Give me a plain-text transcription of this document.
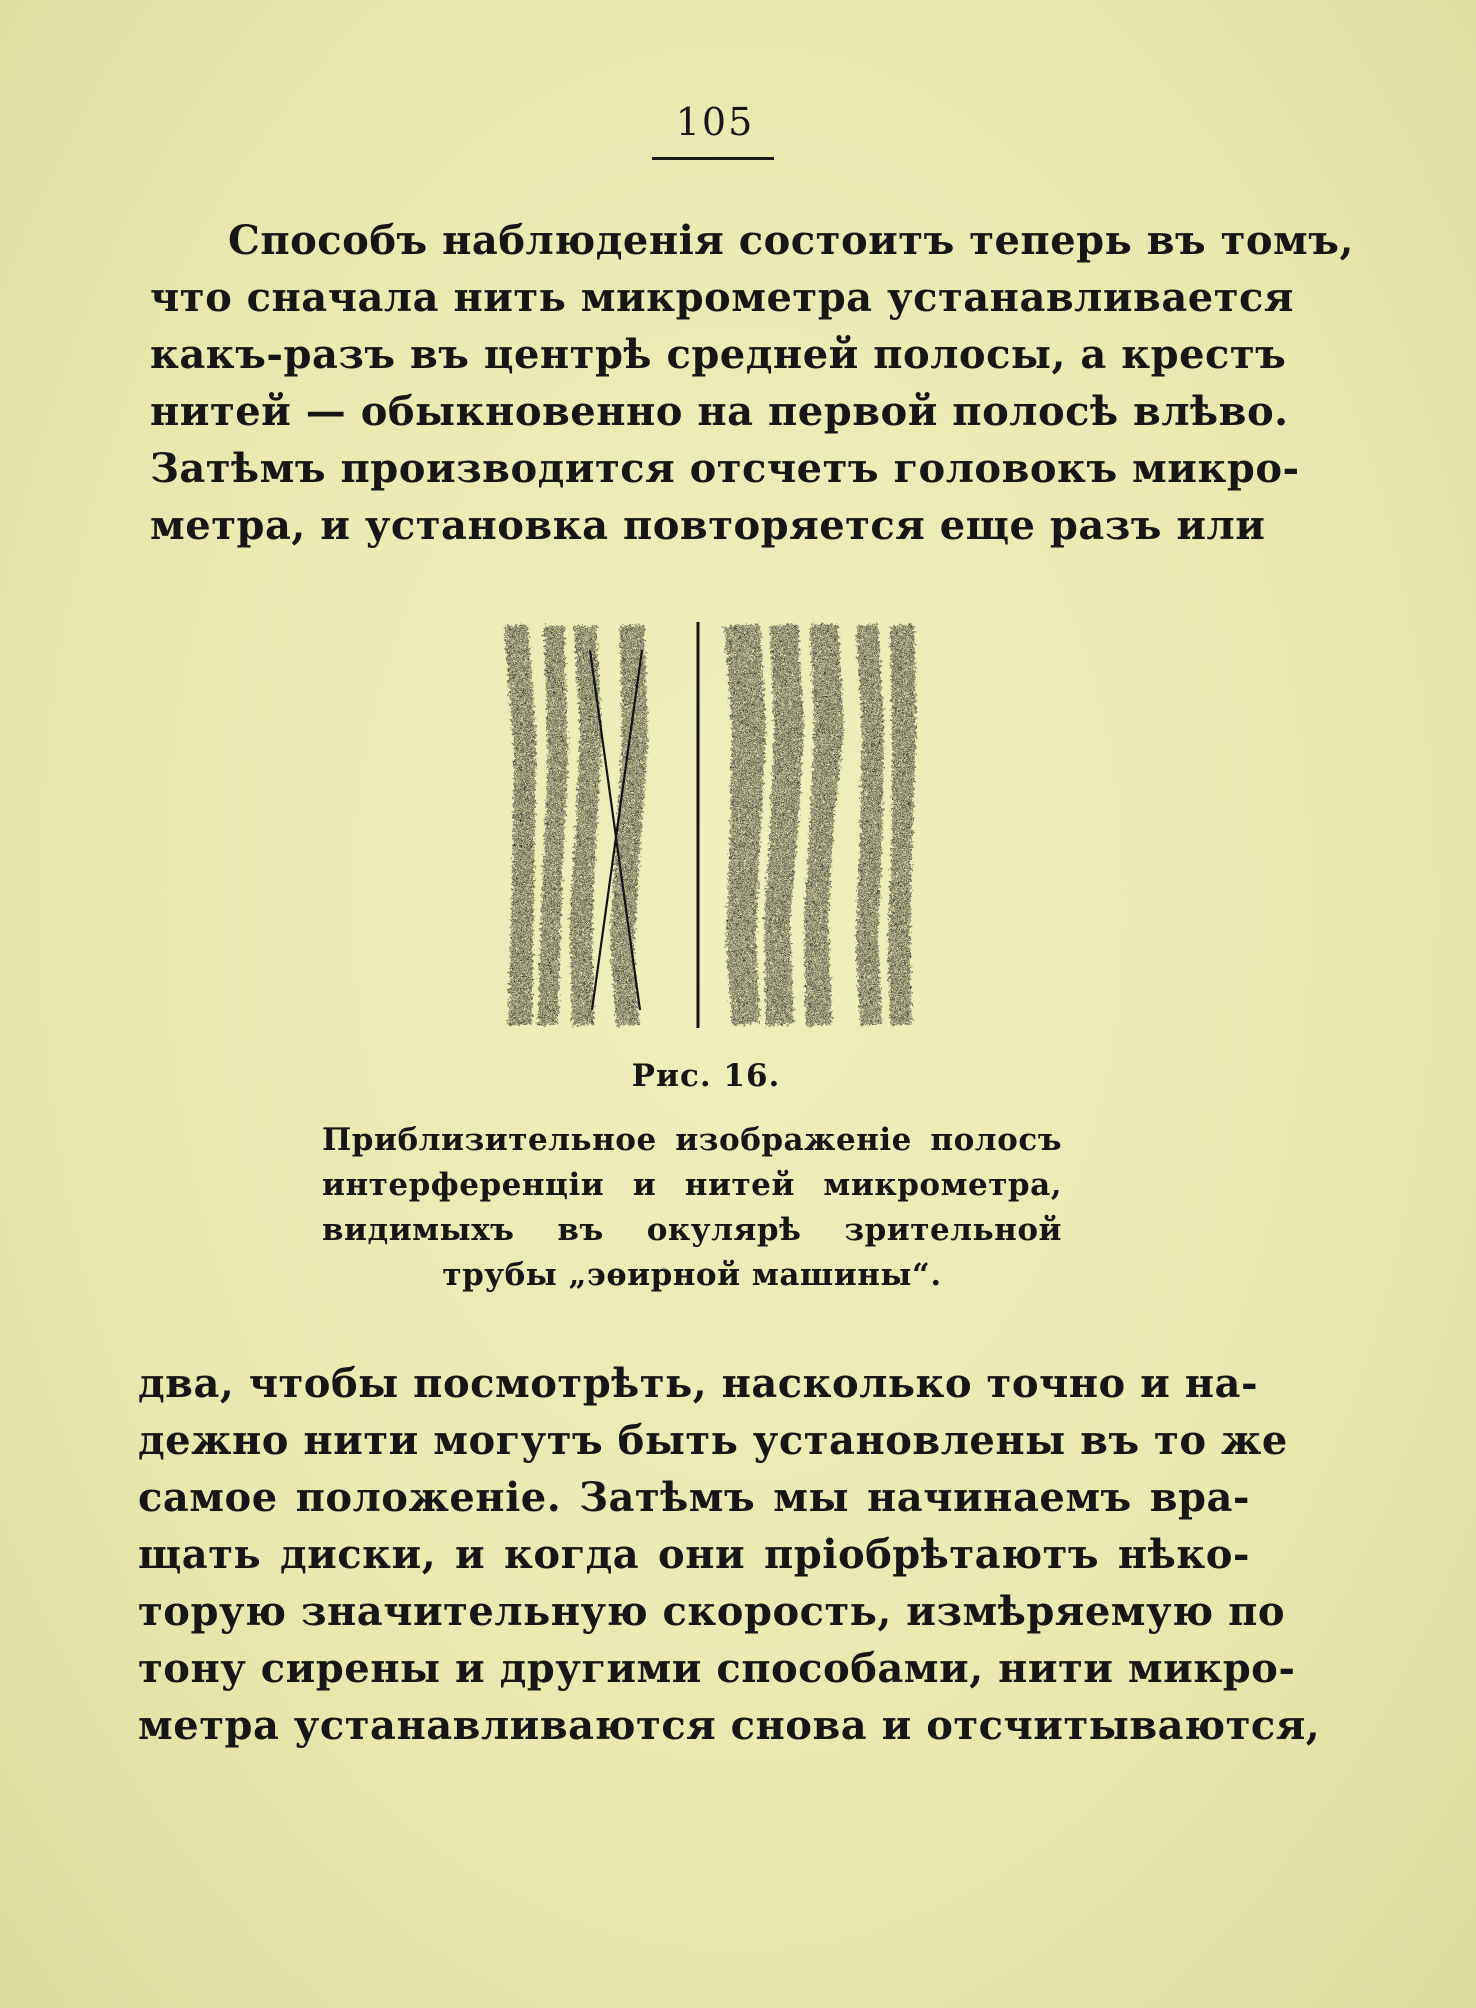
105
Способъ наблюденія состоитъ теперь въ томъ,
что сначала нить микрометра устанавливается
какъ-разъ въ центрѣ средней полосы, а крестъ
нитей — обыкновенно на первой полосѣ влѣво.
Затѣмъ производится отсчетъ головокъ микро-
метра, и установка повторяется еще разъ или
Рис. 16.
Приблизительное изображеніе полосъ
интерференціи и нитей микрометра,
видимыхъ въ окулярѣ зрительной
трубы „эѳирной машины“.
два, чтобы посмотрѣть, насколько точно и на-
дежно нити могутъ быть установлены въ то же
самое положеніе. Затѣмъ мы начинаемъ вра-
щать диски, и когда они пріобрѣтаютъ нѣко-
торую значительную скорость, измѣряемую по
тону сирены и другими способами, нити микро-
метра устанавливаются снова и отсчитываются,
